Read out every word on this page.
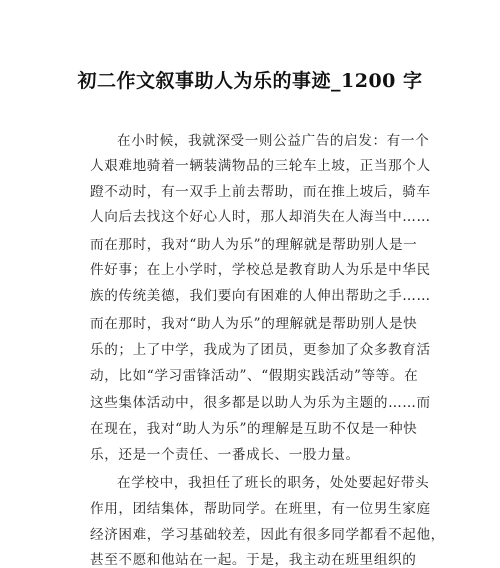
初二作文叙事助人为乐的事迹_1200 字
在小时候，我就深受一则公益广告的启发：有一个
人艰难地骑着一辆装满物品的三轮车上坡，正当那个人
蹬不动时，有一双手上前去帮助，而在推上坡后，骑车
人向后去找这个好心人时，那人却消失在人海当中……
而在那时，我对“助人为乐”的理解就是帮助别人是一
件好事；在上小学时，学校总是教育助人为乐是中华民
族的传统美德，我们要向有困难的人伸出帮助之手……
而在那时，我对“助人为乐”的理解就是帮助别人是快
乐的；上了中学，我成为了团员，更参加了众多教育活
动，比如“学习雷锋活动”、“假期实践活动”等等。在
这些集体活动中，很多都是以助人为乐为主题的……而
在现在，我对“助人为乐”的理解是互助不仅是一种快
乐，还是一个责任、一番成长、一股力量。
在学校中，我担任了班长的职务，处处要起好带头
作用，团结集体，帮助同学。在班里，有一位男生家庭
经济困难，学习基础较差，因此有很多同学都看不起他，
甚至不愿和他站在一起。于是，我主动在班里组织的
